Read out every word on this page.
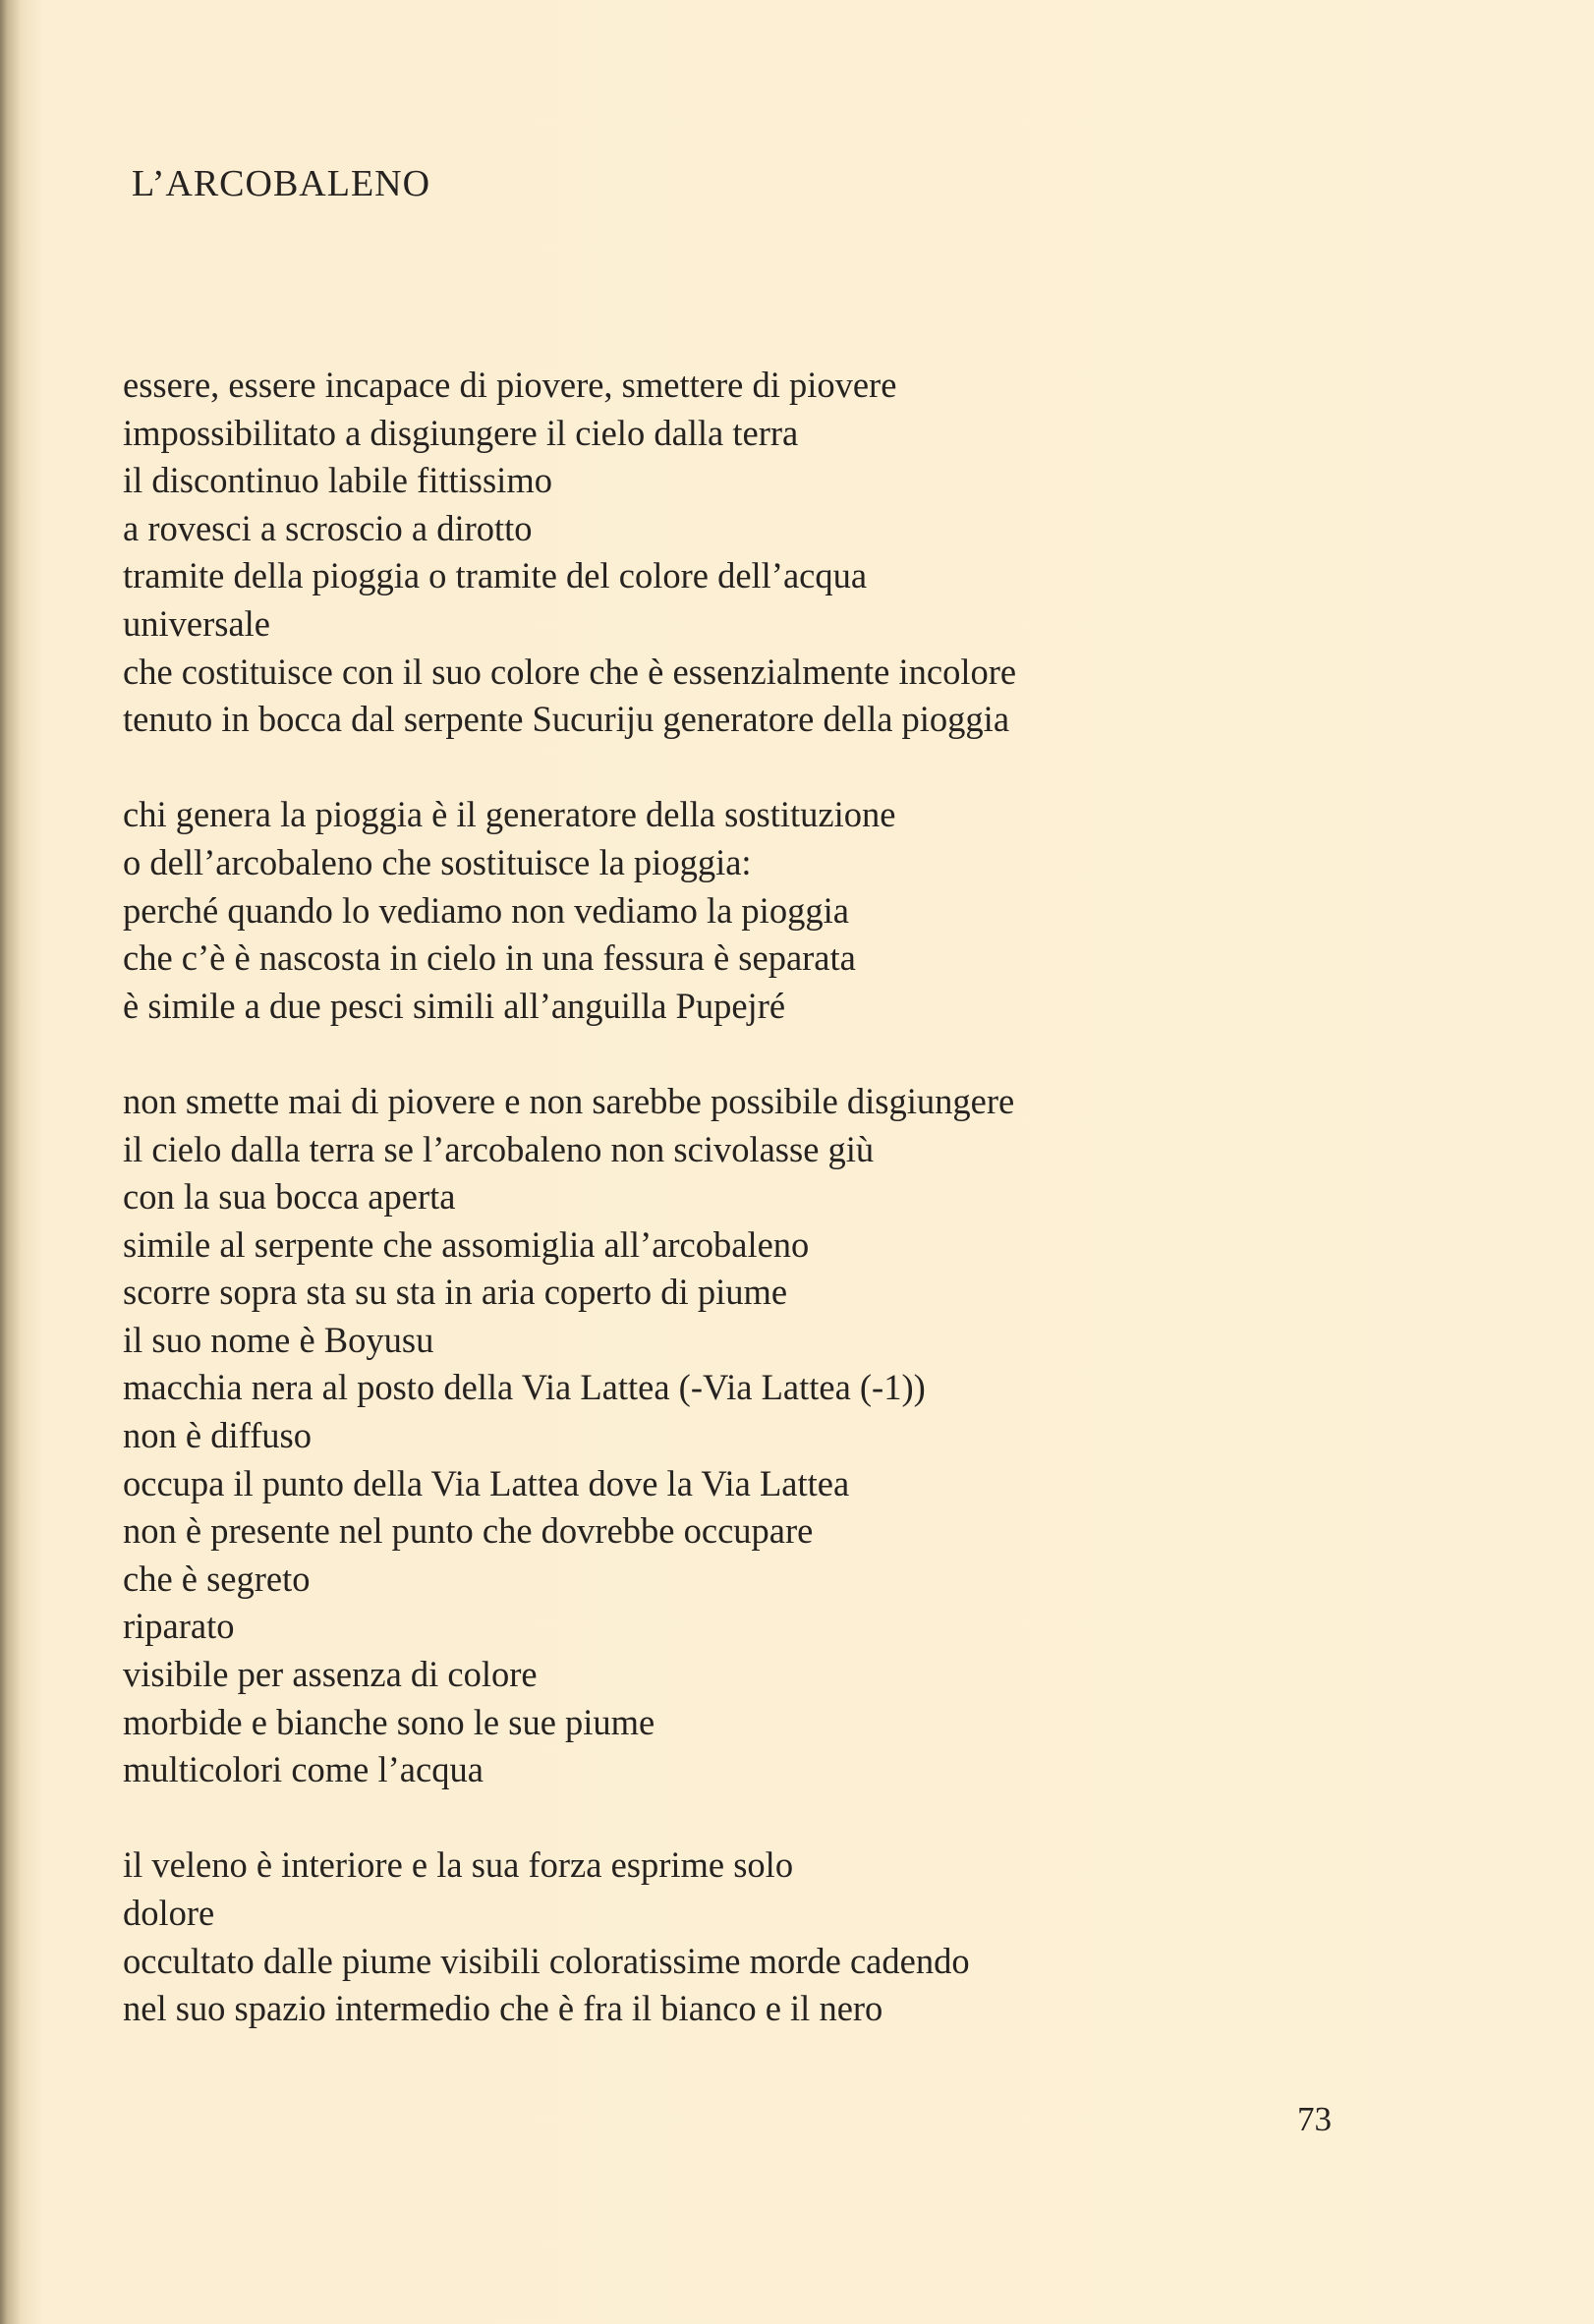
L’ARCOBALENO
essere, essere incapace di piovere, smettere di piovere
impossibilitato a disgiungere il cielo dalla terra
il discontinuo labile fittissimo
a rovesci a scroscio a dirotto
tramite della pioggia o tramite del colore dell’acqua
universale
che costituisce con il suo colore che è essenzialmente incolore
tenuto in bocca dal serpente Sucuriju generatore della pioggia
chi genera la pioggia è il generatore della sostituzione
o dell’arcobaleno che sostituisce la pioggia:
perché quando lo vediamo non vediamo la pioggia
che c’è è nascosta in cielo in una fessura è separata
è simile a due pesci simili all’anguilla Pupejré
non smette mai di piovere e non sarebbe possibile disgiungere
il cielo dalla terra se l’arcobaleno non scivolasse giù
con la sua bocca aperta
simile al serpente che assomiglia all’arcobaleno
scorre sopra sta su sta in aria coperto di piume
il suo nome è Boyusu
macchia nera al posto della Via Lattea (-Via Lattea (-1))
non è diffuso
occupa il punto della Via Lattea dove la Via Lattea
non è presente nel punto che dovrebbe occupare
che è segreto
riparato
visibile per assenza di colore
morbide e bianche sono le sue piume
multicolori come l’acqua
il veleno è interiore e la sua forza esprime solo
dolore
occultato dalle piume visibili coloratissime morde cadendo
nel suo spazio intermedio che è fra il bianco e il nero
73
